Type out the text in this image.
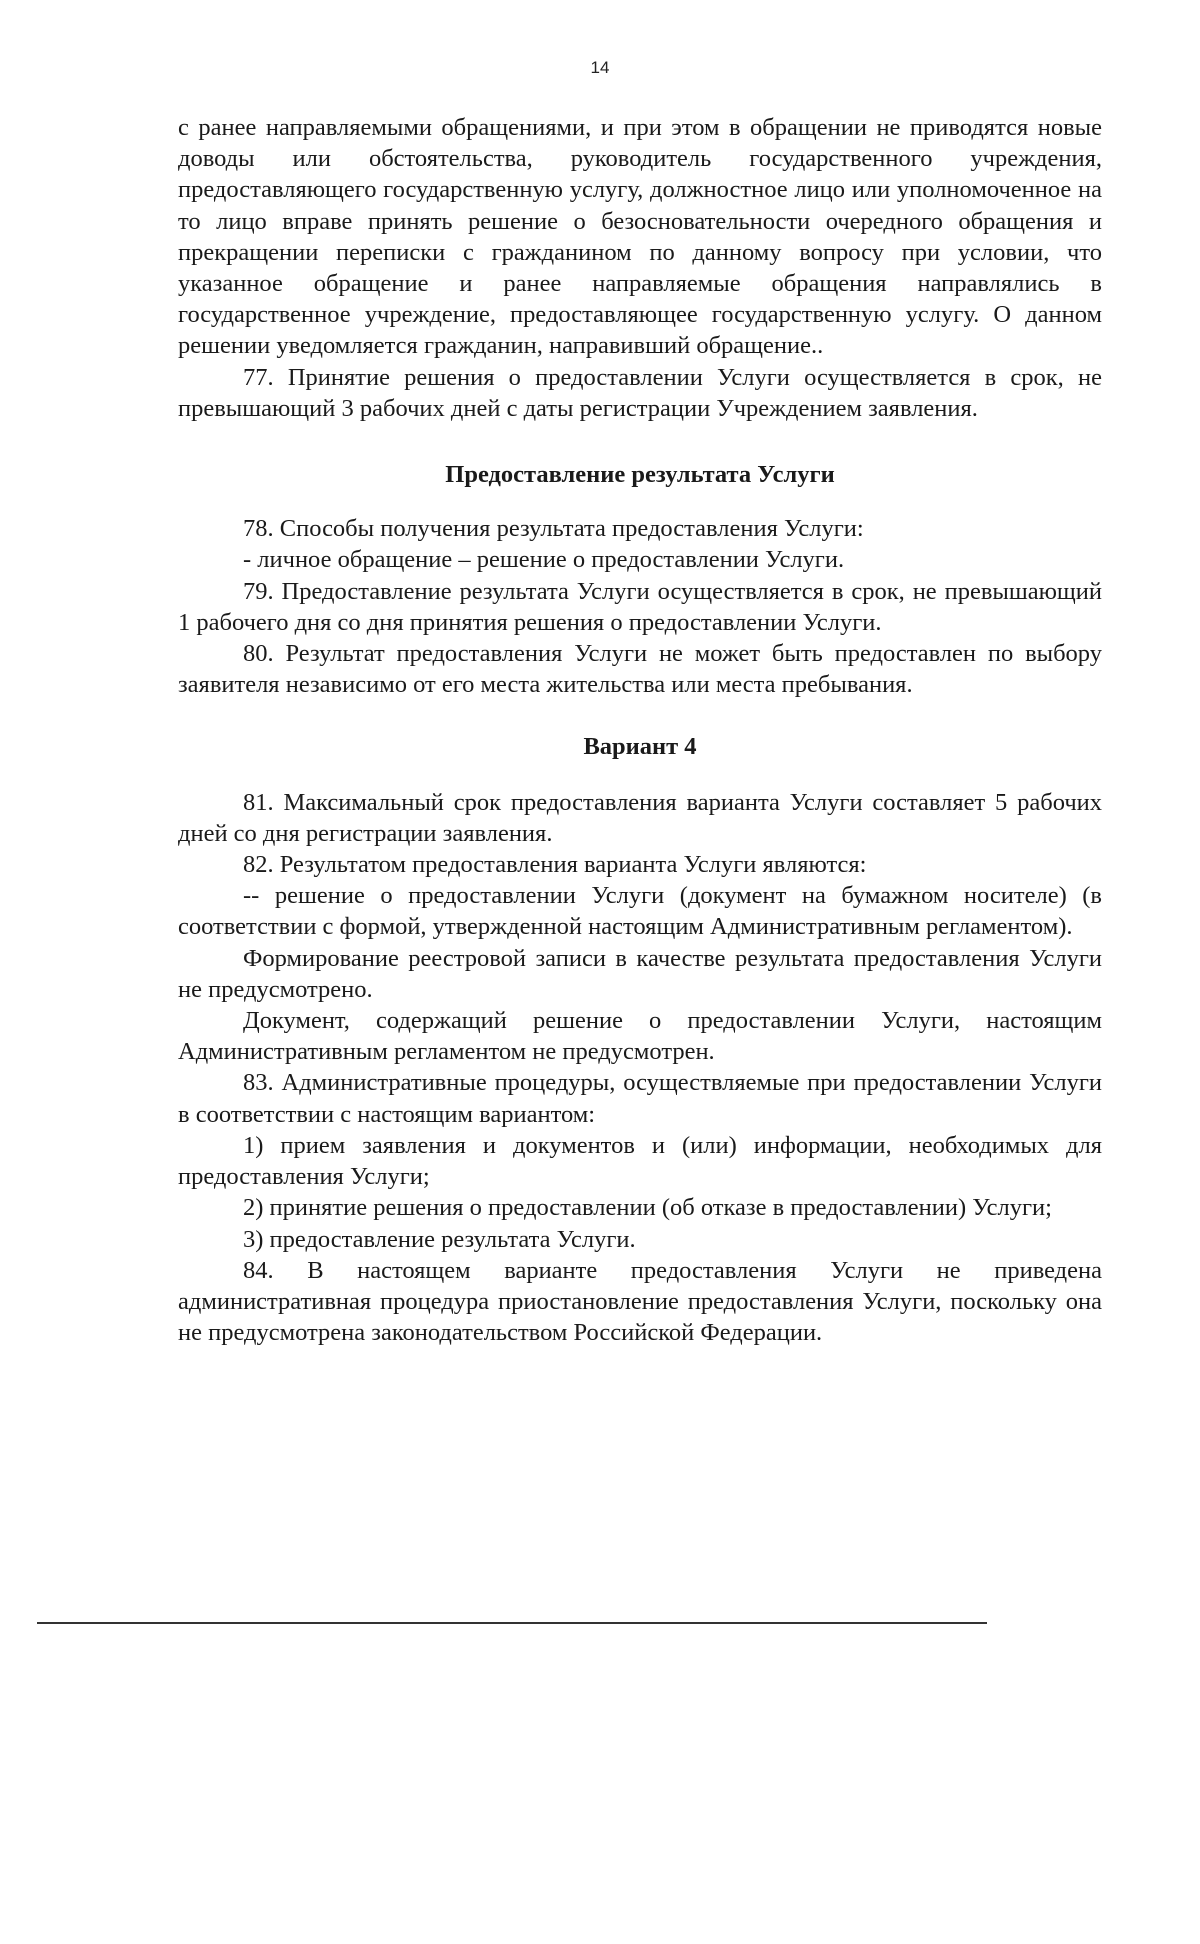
14

с ранее направляемыми обращениями, и при этом в обращении не приводятся новые доводы или обстоятельства, руководитель государственного учреждения, предоставляющего государственную услугу, должностное лицо или уполномоченное на то лицо вправе принять решение о безосновательности очередного обращения и прекращении переписки с гражданином по данному вопросу при условии, что указанное обращение и ранее направляемые обращения направлялись в государственное учреждение, предоставляющее государственную услугу. О данном решении уведомляется гражданин, направивший обращение..

77. Принятие решения о предоставлении Услуги осуществляется в срок, не превышающий 3 рабочих дней с даты регистрации Учреждением заявления.

Предоставление результата Услуги

78. Способы получения результата предоставления Услуги:

- личное обращение – решение о предоставлении Услуги.

79. Предоставление результата Услуги осуществляется в срок, не превышающий 1 рабочего дня со дня принятия решения о предоставлении Услуги.

80. Результат предоставления Услуги не может быть предоставлен по выбору заявителя независимо от его места жительства или места пребывания.

Вариант 4

81. Максимальный срок предоставления варианта Услуги составляет 5 рабочих дней со дня регистрации заявления.

82. Результатом предоставления варианта Услуги являются:

-- решение о предоставлении Услуги (документ на бумажном носителе) (в соответствии с формой, утвержденной настоящим Административным регламентом).

Формирование реестровой записи в качестве результата предоставления Услуги не предусмотрено.

Документ, содержащий решение о предоставлении Услуги, настоящим Административным регламентом не предусмотрен.

83. Административные процедуры, осуществляемые при предоставлении Услуги в соответствии с настоящим вариантом:

1) прием заявления и документов и (или) информации, необходимых для предоставления Услуги;

2) принятие решения о предоставлении (об отказе в предоставлении) Услуги;

3) предоставление результата Услуги.

84. В настоящем варианте предоставления Услуги не приведена административная процедура приостановление предоставления Услуги, поскольку она не предусмотрена законодательством Российской Федерации.
